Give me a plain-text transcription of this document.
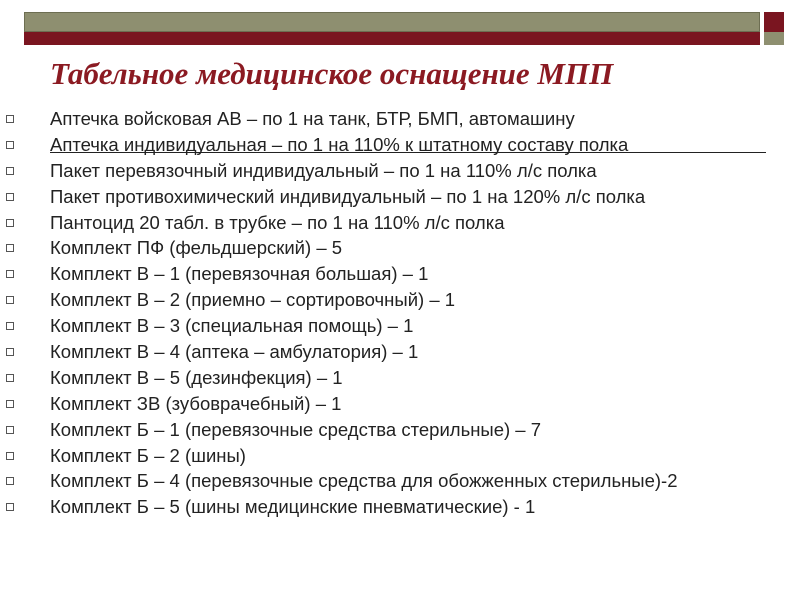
Табельное медицинское оснащение МПП
Аптечка войсковая АВ – по 1 на танк, БТР, БМП, автомашину
Аптечка индивидуальная – по 1 на 110% к штатному составу полка
Пакет перевязочный индивидуальный – по 1 на 110% л/с полка
Пакет противохимический индивидуальный – по 1 на 120% л/с полка
Пантоцид 20 табл. в трубке – по 1 на 110% л/с полка
Комплект ПФ (фельдшерский) – 5
Комплект В – 1 (перевязочная большая) – 1
Комплект В – 2 (приемно – сортировочный) – 1
Комплект В – 3 (специальная помощь) – 1
Комплект В – 4 (аптека – амбулатория) – 1
Комплект В – 5 (дезинфекция) – 1
Комплект ЗВ (зубоврачебный) – 1
Комплект Б – 1 (перевязочные средства стерильные) – 7
Комплект Б – 2 (шины)
Комплект Б – 4 (перевязочные средства для обожженных стерильные)-2
Комплект Б – 5 (шины медицинские пневматические) - 1
